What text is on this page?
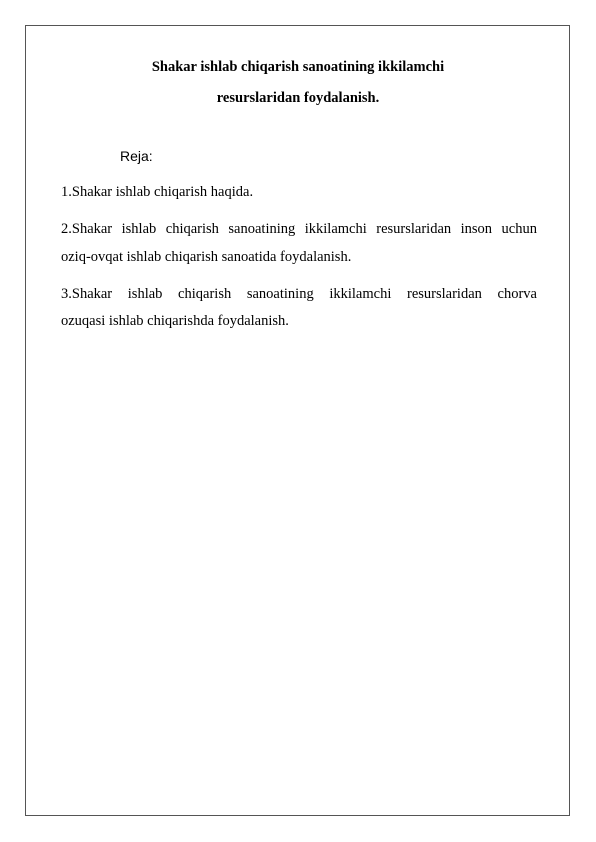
Shakar ishlab chiqarish sanoatining ikkilamchi
resurslaridan foydalanish.
Reja:
1.Shakar ishlab chiqarish haqida.
2.Shakar ishlab chiqarish sanoatining ikkilamchi resurslaridan inson uchun
oziq-ovqat ishlab chiqarish sanoatida foydalanish.
3.Shakar ishlab chiqarish sanoatining ikkilamchi resurslaridan chorva
ozuqasi ishlab chiqarishda foydalanish.
